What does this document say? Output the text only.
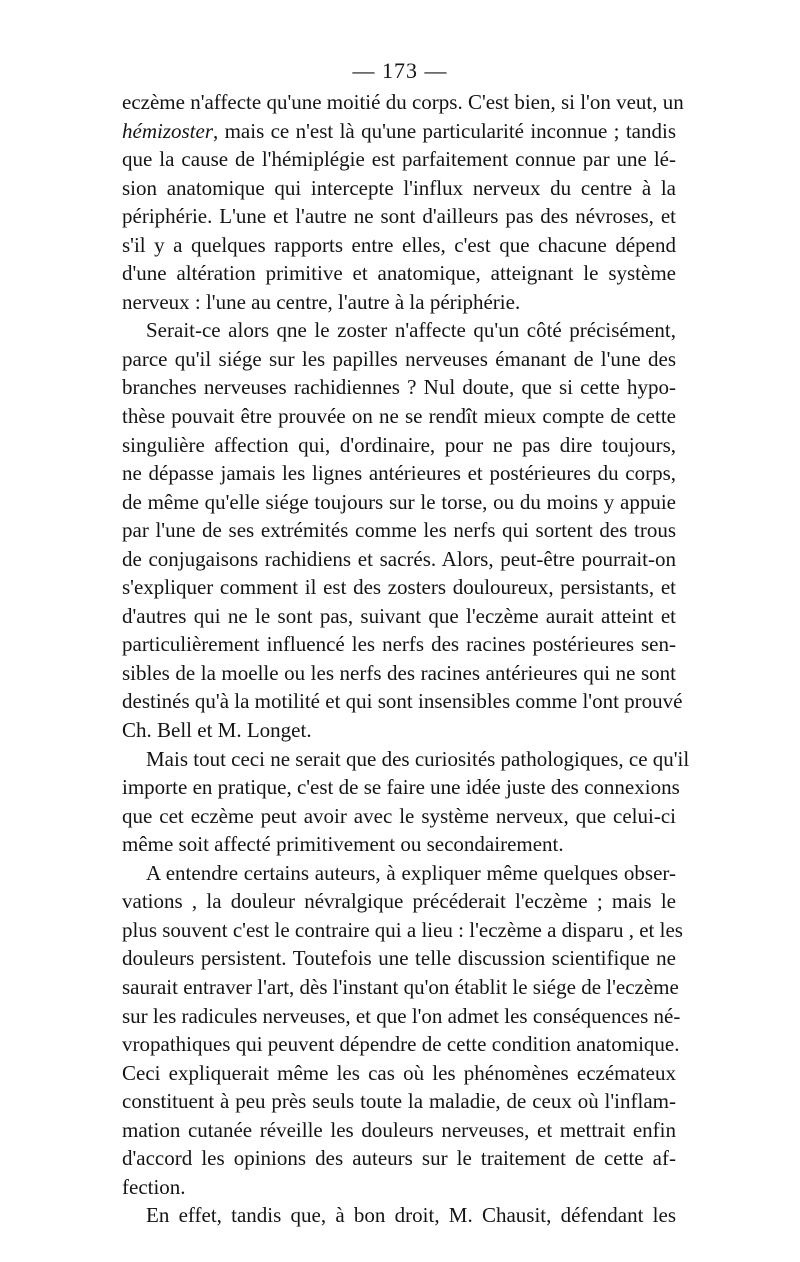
— 173 —
eczème n'affecte qu'une moitié du corps. C'est bien, si l'on veut, un
hémizoster, mais ce n'est là qu'une particularité inconnue ; tandis
que la cause de l'hémiplégie est parfaitement connue par une lé-
sion anatomique qui intercepte l'influx nerveux du centre à la
périphérie. L'une et l'autre ne sont d'ailleurs pas des névroses, et
s'il y a quelques rapports entre elles, c'est que chacune dépend
d'une altération primitive et anatomique, atteignant le système
nerveux : l'une au centre, l'autre à la périphérie.
Serait-ce alors qne le zoster n'affecte qu'un côté précisément,
parce qu'il siége sur les papilles nerveuses émanant de l'une des
branches nerveuses rachidiennes ? Nul doute, que si cette hypo-
thèse pouvait être prouvée on ne se rendît mieux compte de cette
singulière affection qui, d'ordinaire, pour ne pas dire toujours,
ne dépasse jamais les lignes antérieures et postérieures du corps,
de même qu'elle siége toujours sur le torse, ou du moins y appuie
par l'une de ses extrémités comme les nerfs qui sortent des trous
de conjugaisons rachidiens et sacrés. Alors, peut-être pourrait-on
s'expliquer comment il est des zosters douloureux, persistants, et
d'autres qui ne le sont pas, suivant que l'eczème aurait atteint et
particulièrement influencé les nerfs des racines postérieures sen-
sibles de la moelle ou les nerfs des racines antérieures qui ne sont
destinés qu'à la motilité et qui sont insensibles comme l'ont prouvé
Ch. Bell et M. Longet.
Mais tout ceci ne serait que des curiosités pathologiques, ce qu'il
importe en pratique, c'est de se faire une idée juste des connexions
que cet eczème peut avoir avec le système nerveux, que celui-ci
même soit affecté primitivement ou secondairement.
A entendre certains auteurs, à expliquer même quelques obser-
vations , la douleur névralgique précéderait l'eczème ; mais le
plus souvent c'est le contraire qui a lieu : l'eczème a disparu , et les
douleurs persistent. Toutefois une telle discussion scientifique ne
saurait entraver l'art, dès l'instant qu'on établit le siége de l'eczème
sur les radicules nerveuses, et que l'on admet les conséquences né-
vropathiques qui peuvent dépendre de cette condition anatomique.
Ceci expliquerait même les cas où les phénomènes eczémateux
constituent à peu près seuls toute la maladie, de ceux où l'inflam-
mation cutanée réveille les douleurs nerveuses, et mettrait enfin
d'accord les opinions des auteurs sur le traitement de cette af-
fection.
En effet, tandis que, à bon droit, M. Chausit, défendant les
